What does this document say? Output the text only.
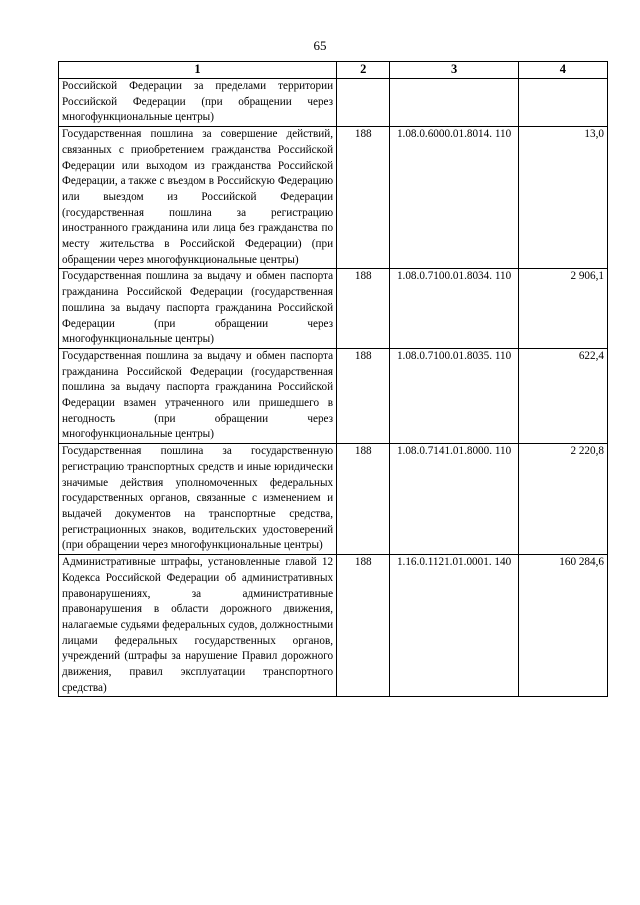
65
1	2	3	4
Российской Федерации за пределами территории Российской Федерации (при обращении через многофункциональные центры)			
Государственная пошлина за совершение действий, связанных с приобретением гражданства Российской Федерации или выходом из гражданства Российской Федерации, а также с въездом в Российскую Федерацию или выездом из Российской Федерации (государственная пошлина за регистрацию иностранного гражданина или лица без гражданства по месту жительства в Российской Федерации) (при обращении через многофункциональные центры)	188	1.08.0.6000.01.8014. 110	13,0
Государственная пошлина за выдачу и обмен паспорта гражданина Российской Федерации (государственная пошлина за выдачу паспорта гражданина Российской Федерации (при обращении через многофункциональные центры)	188	1.08.0.7100.01.8034. 110	2 906,1
Государственная пошлина за выдачу и обмен паспорта гражданина Российской Федерации (государственная пошлина за выдачу паспорта гражданина Российской Федерации взамен утраченного или пришедшего в негодность (при обращении через многофункциональные центры)	188	1.08.0.7100.01.8035. 110	622,4
Государственная пошлина за государственную регистрацию транспортных средств и иные юридически значимые действия уполномоченных федеральных государственных органов, связанные с изменением и выдачей документов на транспортные средства, регистрационных знаков, водительских удостоверений (при обращении через многофункциональные центры)	188	1.08.0.7141.01.8000. 110	2 220,8
Административные штрафы, установленные главой 12 Кодекса Российской Федерации об административных правонарушениях, за административные правонарушения в области дорожного движения, налагаемые судьями федеральных судов, должностными лицами федеральных государственных органов, учреждений (штрафы за нарушение Правил дорожного движения, правил эксплуатации транспортного средства)	188	1.16.0.1121.01.0001. 140	160 284,6
